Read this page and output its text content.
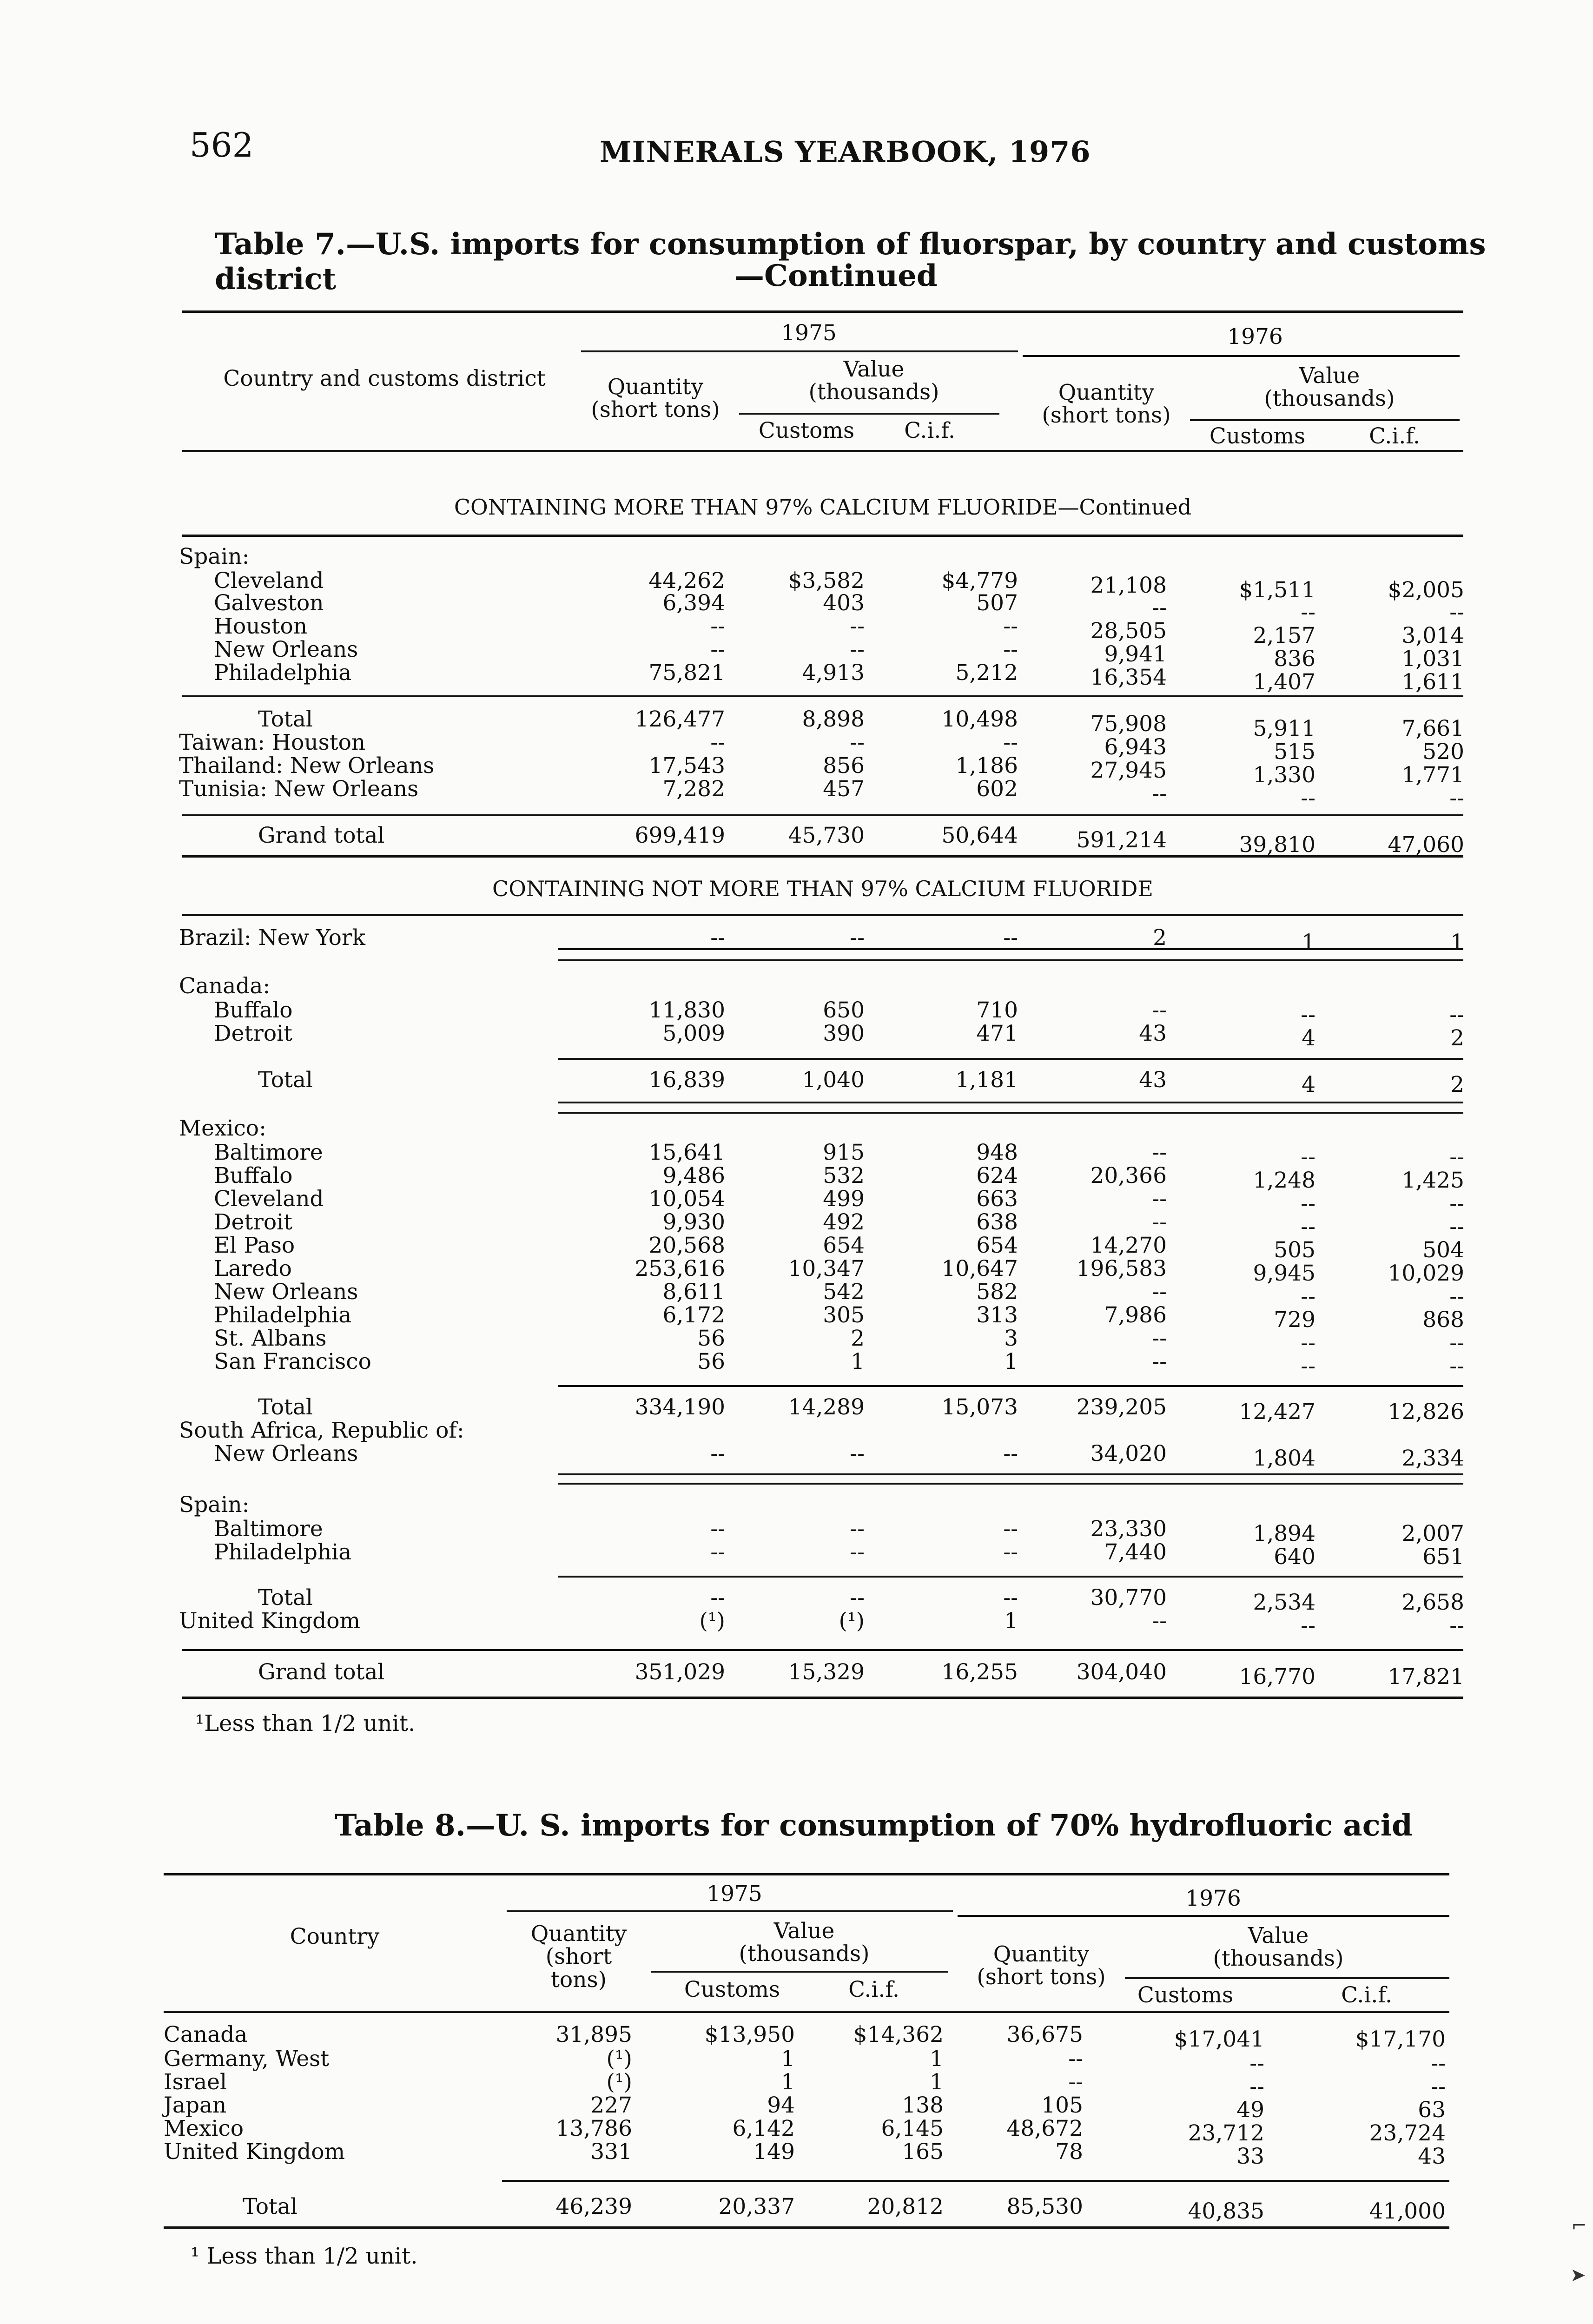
562	MINERALS YEARBOOK, 1976
Table 7.—U.S. imports for consumption of fluorspar, by country and customs district	—Continued
Country and customs district
1975	1976
Quantity
(short tons)
Value
(thousands)
Customs	C.i.f.
Quantity
(short tons)
Value
(thousands)
Customs	C.i.f.
CONTAINING MORE THAN 97% CALCIUM FLUORIDE—Continued
Spain:
Cleveland	44,262	$3,582	$4,779	21,108	$1,511	$2,005
Galveston	6,394	403	507	--	--	--
Houston	--	--	--	28,505	2,157	3,014
New Orleans	--	--	--	9,941	836	1,031
Philadelphia	75,821	4,913	5,212	16,354	1,407	1,611
Total	126,477	8,898	10,498	75,908	5,911	7,661
Taiwan: Houston	--	--	--	6,943	515	520
Thailand: New Orleans	17,543	856	1,186	27,945	1,330	1,771
Tunisia: New Orleans	7,282	457	602	--	--	--
Grand total	699,419	45,730	50,644	591,214	39,810	47,060
CONTAINING NOT MORE THAN 97% CALCIUM FLUORIDE
Brazil: New York	--	--	--	2	1	1
Canada:
Buffalo	11,830	650	710	--	--	--
Detroit	5,009	390	471	43	4	2
Total	16,839	1,040	1,181	43	4	2
Mexico:
Baltimore	15,641	915	948	--	--	--
Buffalo	9,486	532	624	20,366	1,248	1,425
Cleveland	10,054	499	663	--	--	--
Detroit	9,930	492	638	--	--	--
El Paso	20,568	654	654	14,270	505	504
Laredo	253,616	10,347	10,647	196,583	9,945	10,029
New Orleans	8,611	542	582	--	--	--
Philadelphia	6,172	305	313	7,986	729	868
St. Albans	56	2	3	--	--	--
San Francisco	56	1	1	--	--	--
Total	334,190	14,289	15,073	239,205	12,427	12,826
South Africa, Republic of:
New Orleans	--	--	--	34,020	1,804	2,334
Spain:
Baltimore	--	--	--	23,330	1,894	2,007
Philadelphia	--	--	--	7,440	640	651
Total	--	--	--	30,770	2,534	2,658
United Kingdom	(¹)	(¹)	1	--	--	--
Grand total	351,029	15,329	16,255	304,040	16,770	17,821
¹Less than 1/2 unit.
Table 8.—U. S. imports for consumption of 70% hydrofluoric acid
Country
1975	1976
Quantity
(short
tons)
Value
(thousands)
Customs	C.i.f.
Quantity
(short tons)
Value
(thousands)
Customs	C.i.f.
Canada	31,895	$13,950	$14,362	36,675	$17,041	$17,170
Germany, West	(¹)	1	1	--	--	--
Israel	(¹)	1	1	--	--	--
Japan	227	94	138	105	49	63
Mexico	13,786	6,142	6,145	48,672	23,712	23,724
United Kingdom	331	149	165	78	33	43
Total	46,239	20,337	20,812	85,530	40,835	41,000
¹ Less than 1/2 unit.
⌐
➤
